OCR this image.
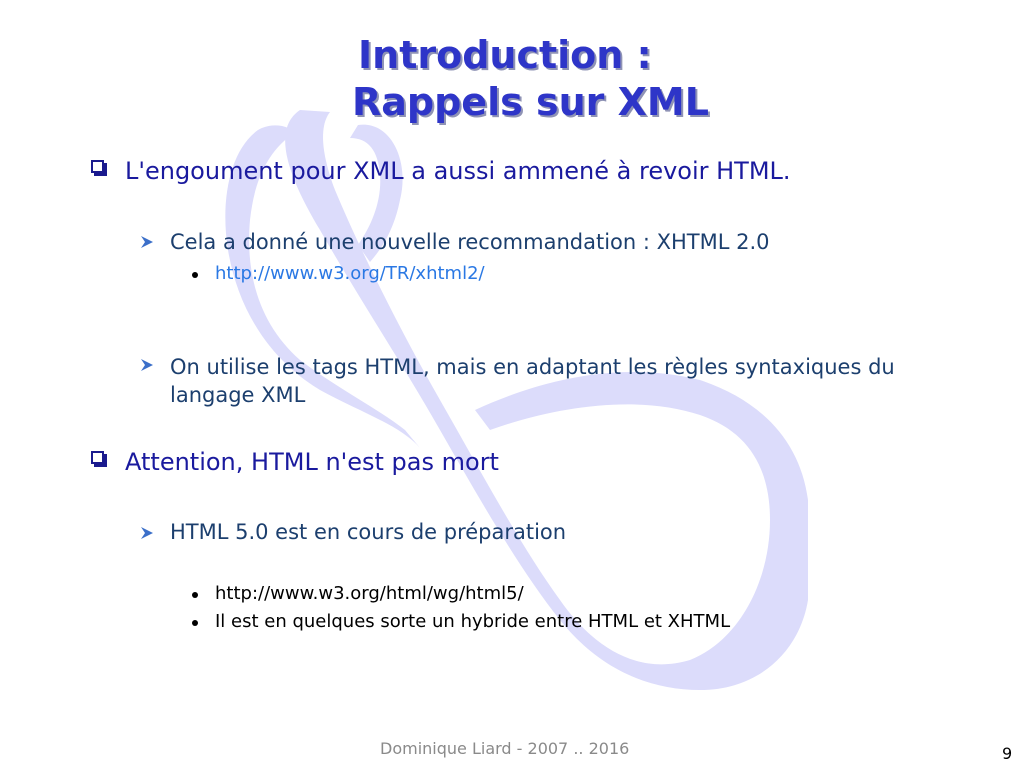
Introduction :
Rappels sur XML
L'engoument pour XML a aussi ammené à revoir HTML.
Cela a donné une nouvelle recommandation : XHTML 2.0
http://www.w3.org/TR/xhtml2/
On utilise les tags HTML, mais en adaptant les règles syntaxiques du langage XML
Attention, HTML n'est pas mort
HTML 5.0 est en cours de préparation
http://www.w3.org/html/wg/html5/
Il est en quelques sorte un hybride entre HTML et XHTML
Dominique Liard - 2007 .. 2016	9
